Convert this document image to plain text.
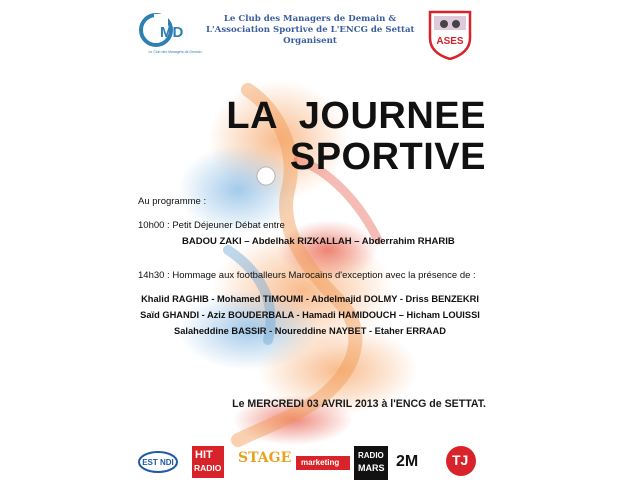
MD
Le Club des Managers de Demain
Le Club des Managers de Demain &
L'Association Sportive de L'ENCG de Settat
Organisent	ASES
LA  JOURNEE
SPORTIVE
Au programme :
10h00 : Petit Déjeuner Débat entre
BADOU ZAKI – Abdelhak RIZKALLAH – Abderrahim RHARIB
14h30 : Hommage aux footballeurs Marocains d'exception avec la présence de :
Khalid RAGHIB - Mohamed TIMOUMI - Abdelmajid DOLMY - Driss BENZEKRI
Saïd GHANDI - Aziz BOUDERBALA - Hamadi HAMIDOUCH – Hicham LOUISSI
Salaheddine BASSIR - Noureddine NAYBET - Etaher ERRAAD
Le MERCREDI 03 AVRIL 2013 à l'ENCG de SETTAT.
EST NDI
HIT
RADIO
STAGE marketing
RADIO
MARS 2M TJ
